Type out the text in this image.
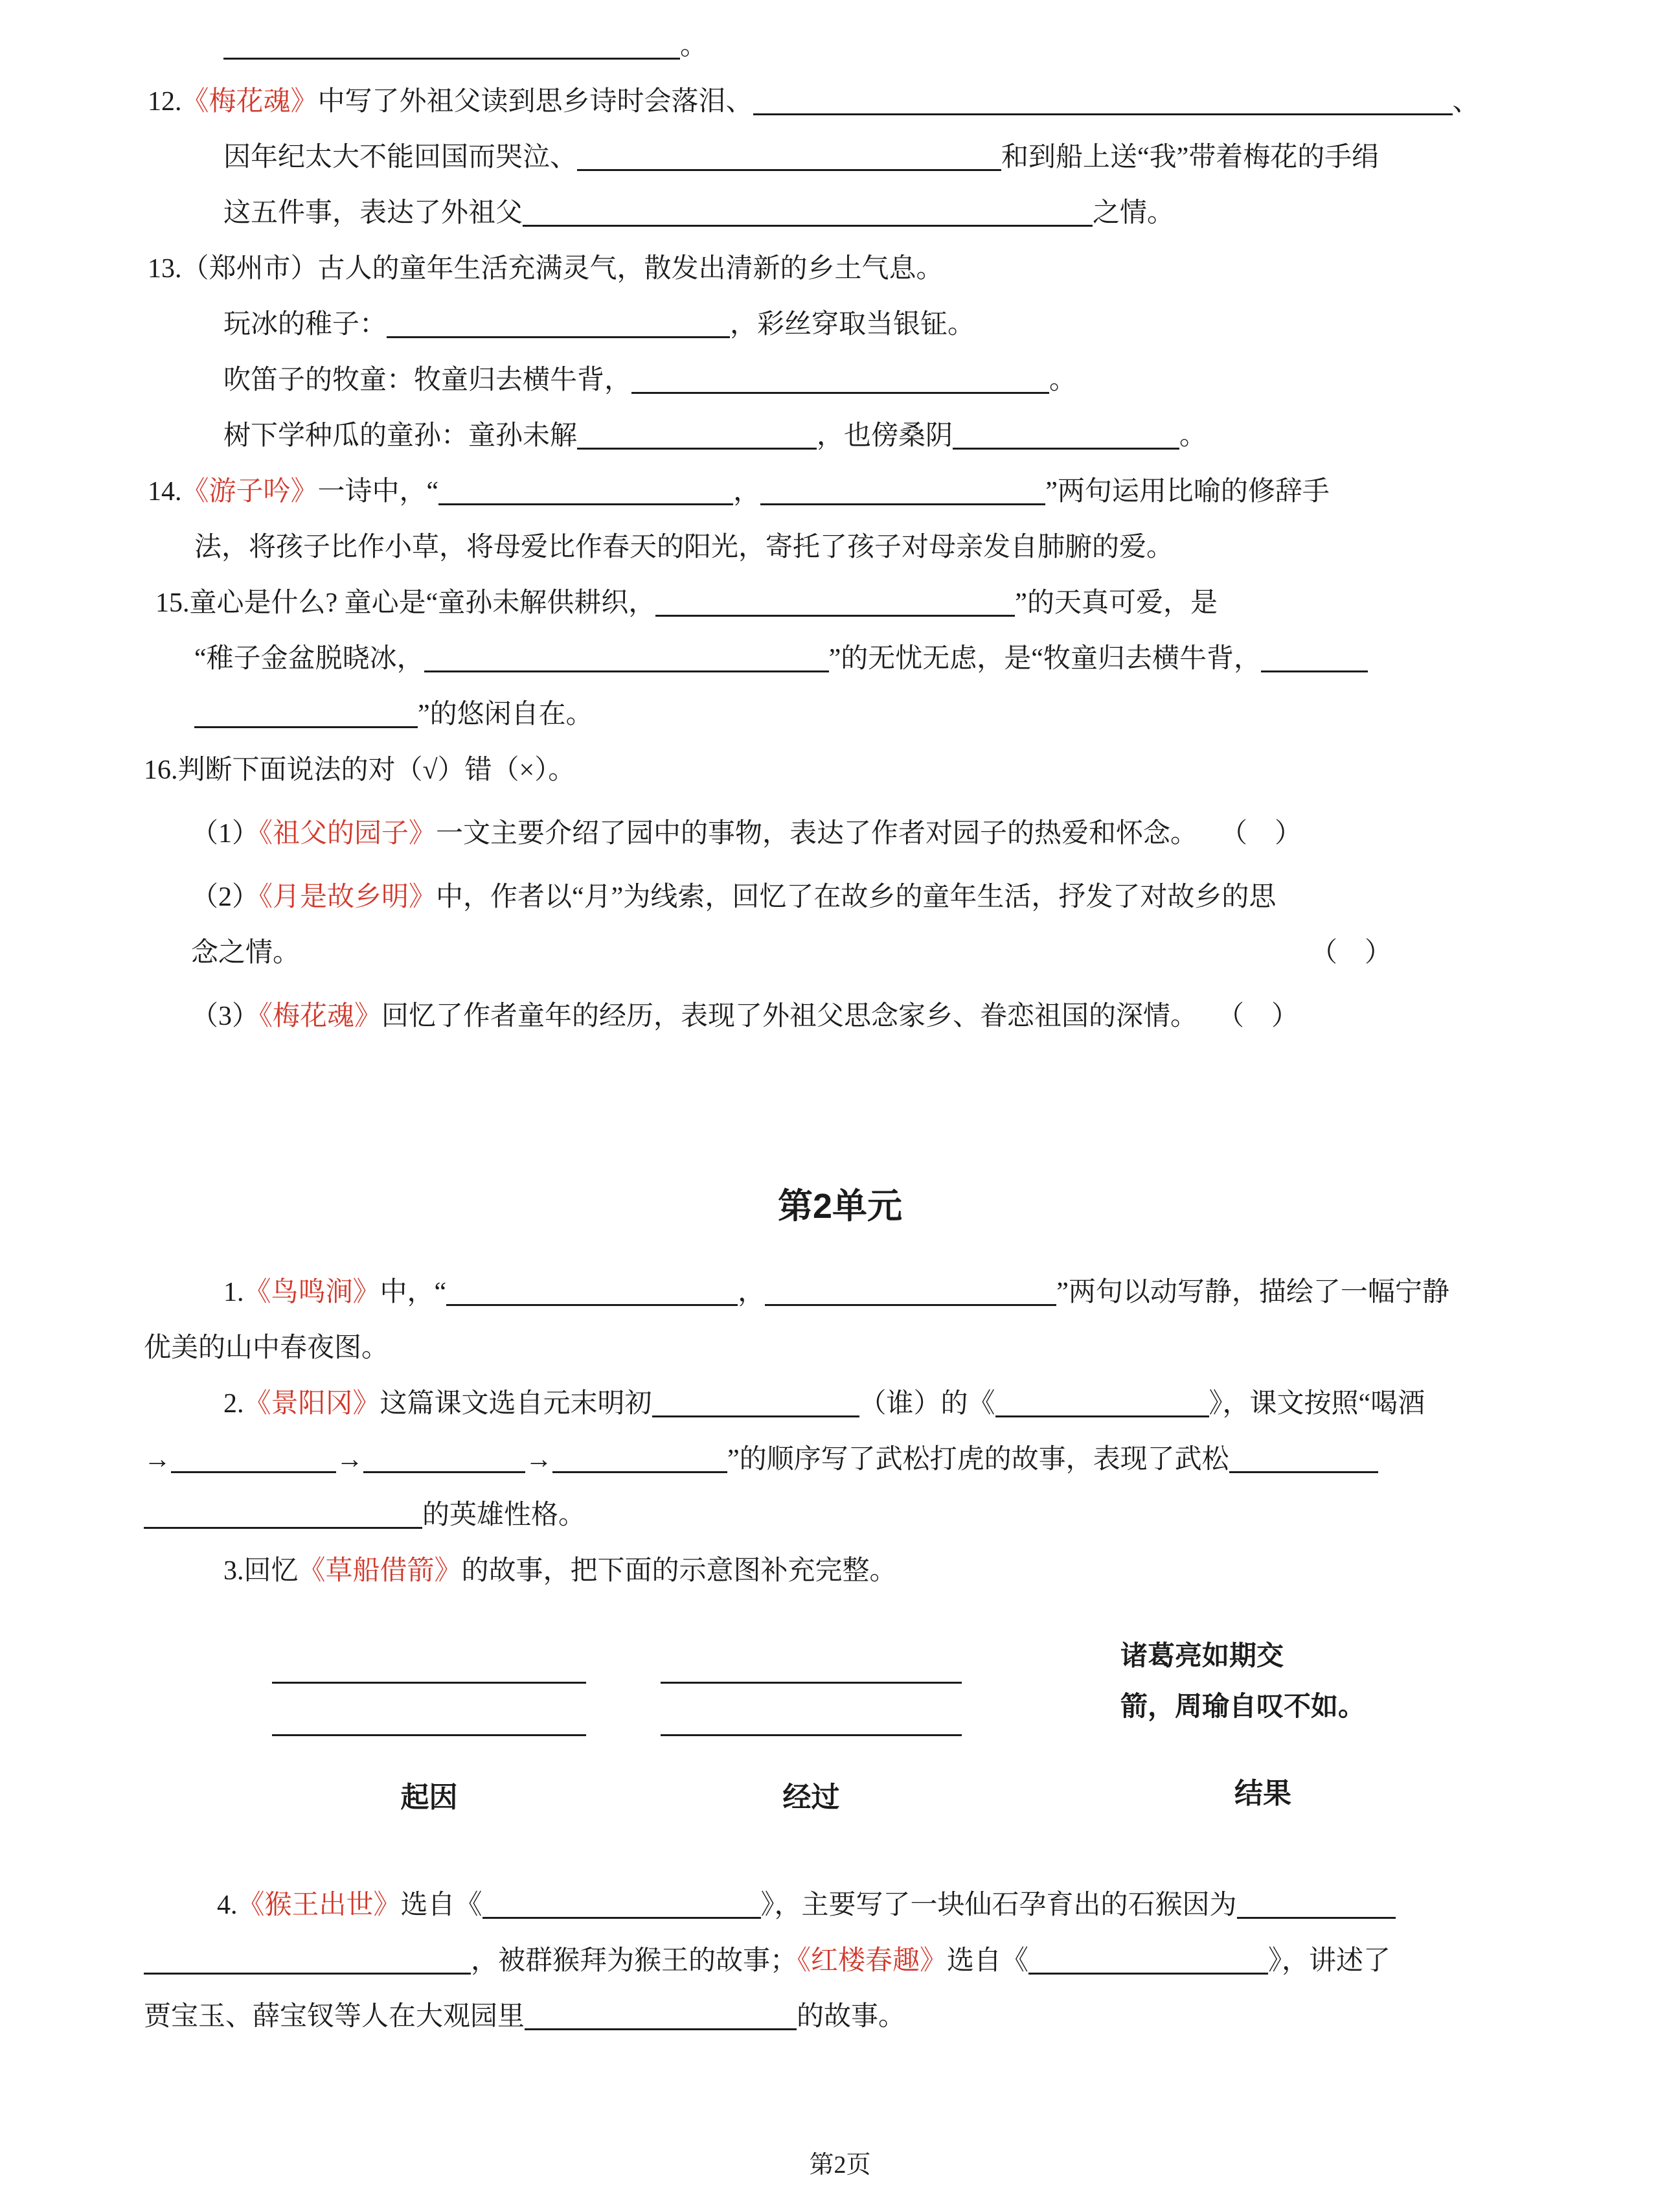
。
12.《梅花魂》中写了外祖父读到思乡诗时会落泪、	、
因年纪太大不能回国而哭泣、	和到船上送“我”带着梅花的手绢
这五件事，表达了外祖父	之情。
13.（郑州市）古人的童年生活充满灵气，散发出清新的乡土气息。
玩冰的稚子：	，彩丝穿取当银钲。
吹笛子的牧童：牧童归去横牛背，	。
树下学种瓜的童孙：童孙未解	，也傍桑阴	。
14.《游子吟》一诗中，“	，	”两句运用比喻的修辞手
法，将孩子比作小草，将母爱比作春天的阳光，寄托了孩子对母亲发自肺腑的爱。
15.童心是什么? 童心是“童孙未解供耕织，	”的天真可爱，是
“稚子金盆脱晓冰，	”的无忧无虑，是“牧童归去横牛背，
”的悠闲自在。
16.判断下面说法的对（√）错（×）。
（1）《祖父的园子》一文主要介绍了园中的事物，表达了作者对园子的热爱和怀念。 （    ）
（2）《月是故乡明》中，作者以“月”为线索，回忆了在故乡的童年生活，抒发了对故乡的思
念之情。	（    ）
（3）《梅花魂》回忆了作者童年的经历，表现了外祖父思念家乡、眷恋祖国的深情。 （    ）
第2单元
1.《鸟鸣涧》中，“	，	”两句以动写静，描绘了一幅宁静
优美的山中春夜图。
2.《景阳冈》这篇课文选自元末明初	（谁）的《	》，课文按照“喝酒
→	→	→	”的顺序写了武松打虎的故事，表现了武松
的英雄性格。
3.回忆《草船借箭》的故事，把下面的示意图补充完整。
起因	经过
诸葛亮如期交
箭，周瑜自叹不如。
结果
4.《猴王出世》选自《	》，主要写了一块仙石孕育出的石猴因为
，被群猴拜为猴王的故事；《红楼春趣》选自《	》，讲述了
贾宝玉、薛宝钗等人在大观园里	的故事。
第2页
